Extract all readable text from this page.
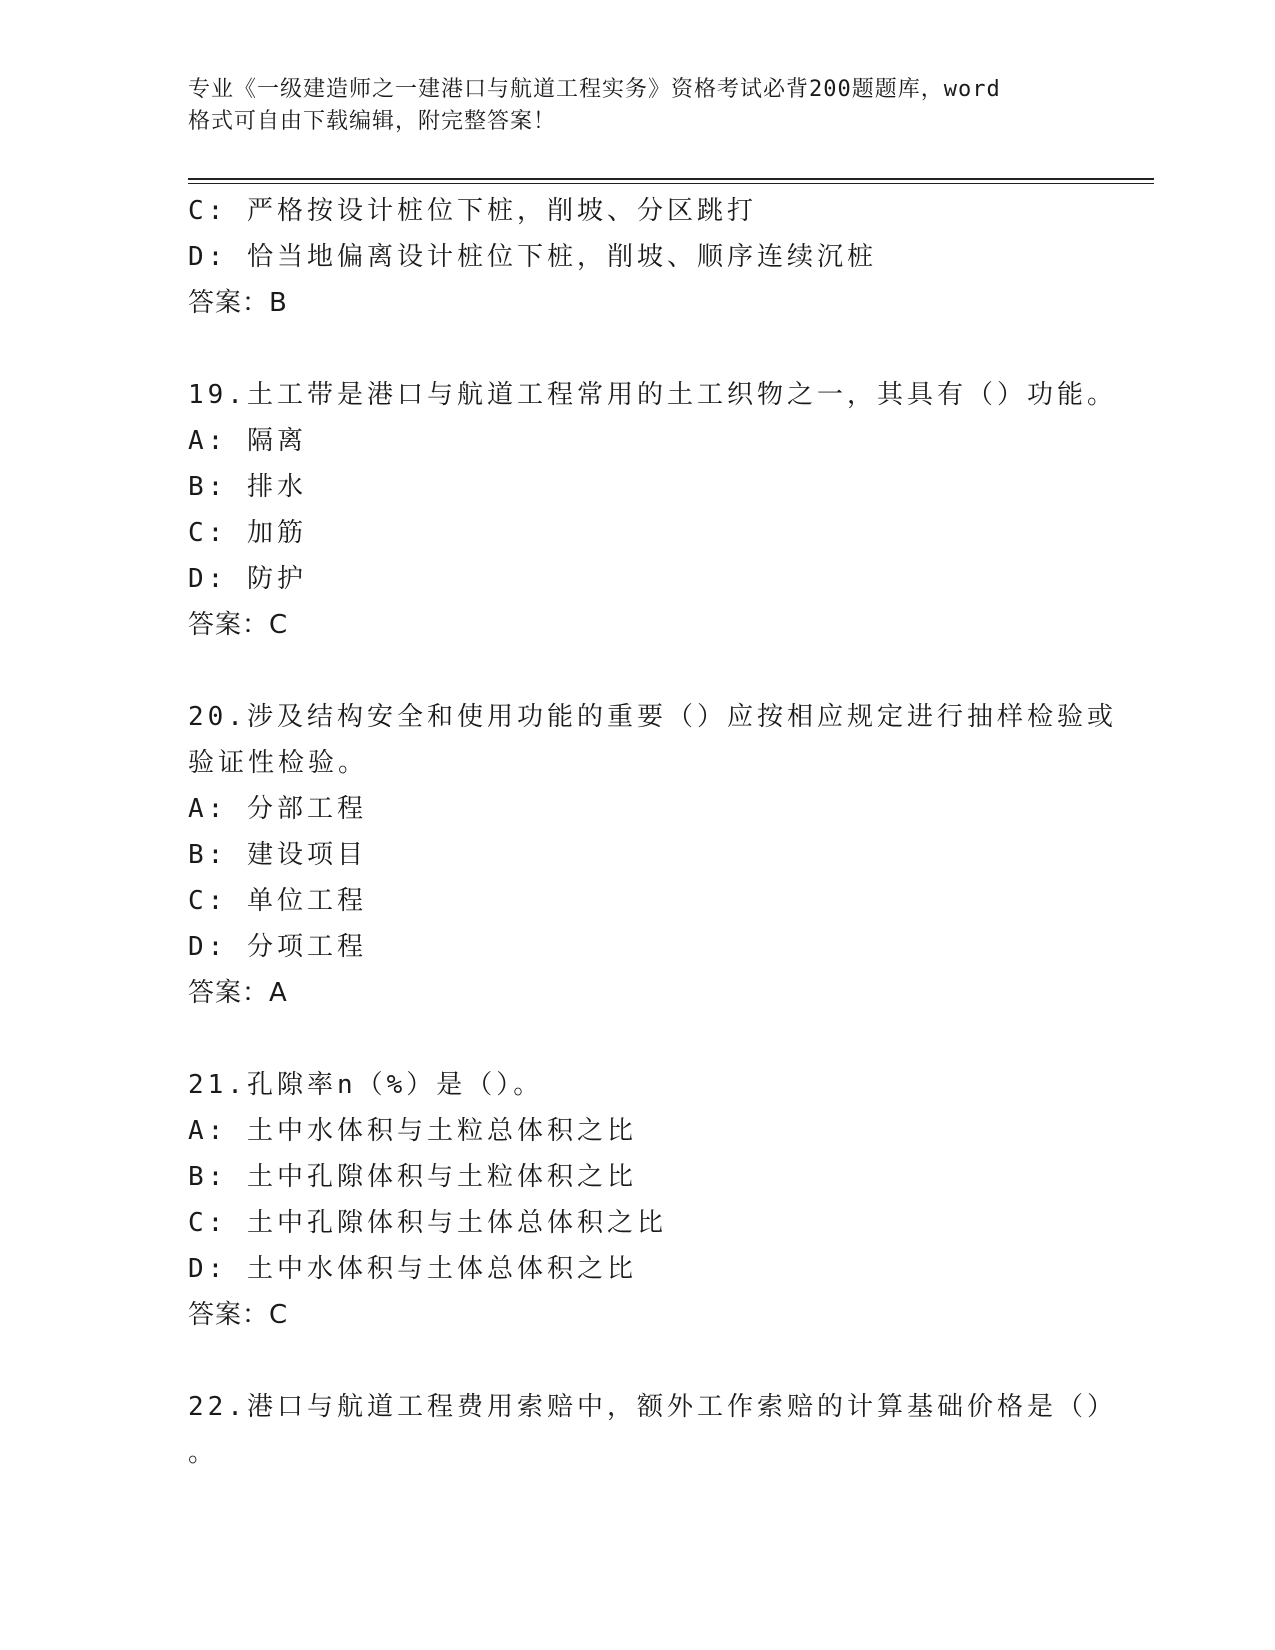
专业《一级建造师之一建港口与航道工程实务》资格考试必背200题题库，word
格式可自由下载编辑，附完整答案！
C: 严格按设计桩位下桩，削坡、分区跳打
D: 恰当地偏离设计桩位下桩，削坡、顺序连续沉桩
答案：B
19.土工带是港口与航道工程常用的土工织物之一，其具有（）功能。
A: 隔离
B: 排水
C: 加筋
D: 防护
答案：C
20.涉及结构安全和使用功能的重要（）应按相应规定进行抽样检验或
验证性检验。
A: 分部工程
B: 建设项目
C: 单位工程
D: 分项工程
答案：A
21.孔隙率n（%）是（）。
A: 土中水体积与土粒总体积之比
B: 土中孔隙体积与土粒体积之比
C: 土中孔隙体积与土体总体积之比
D: 土中水体积与土体总体积之比
答案：C
22.港口与航道工程费用索赔中，额外工作索赔的计算基础价格是（）
。
